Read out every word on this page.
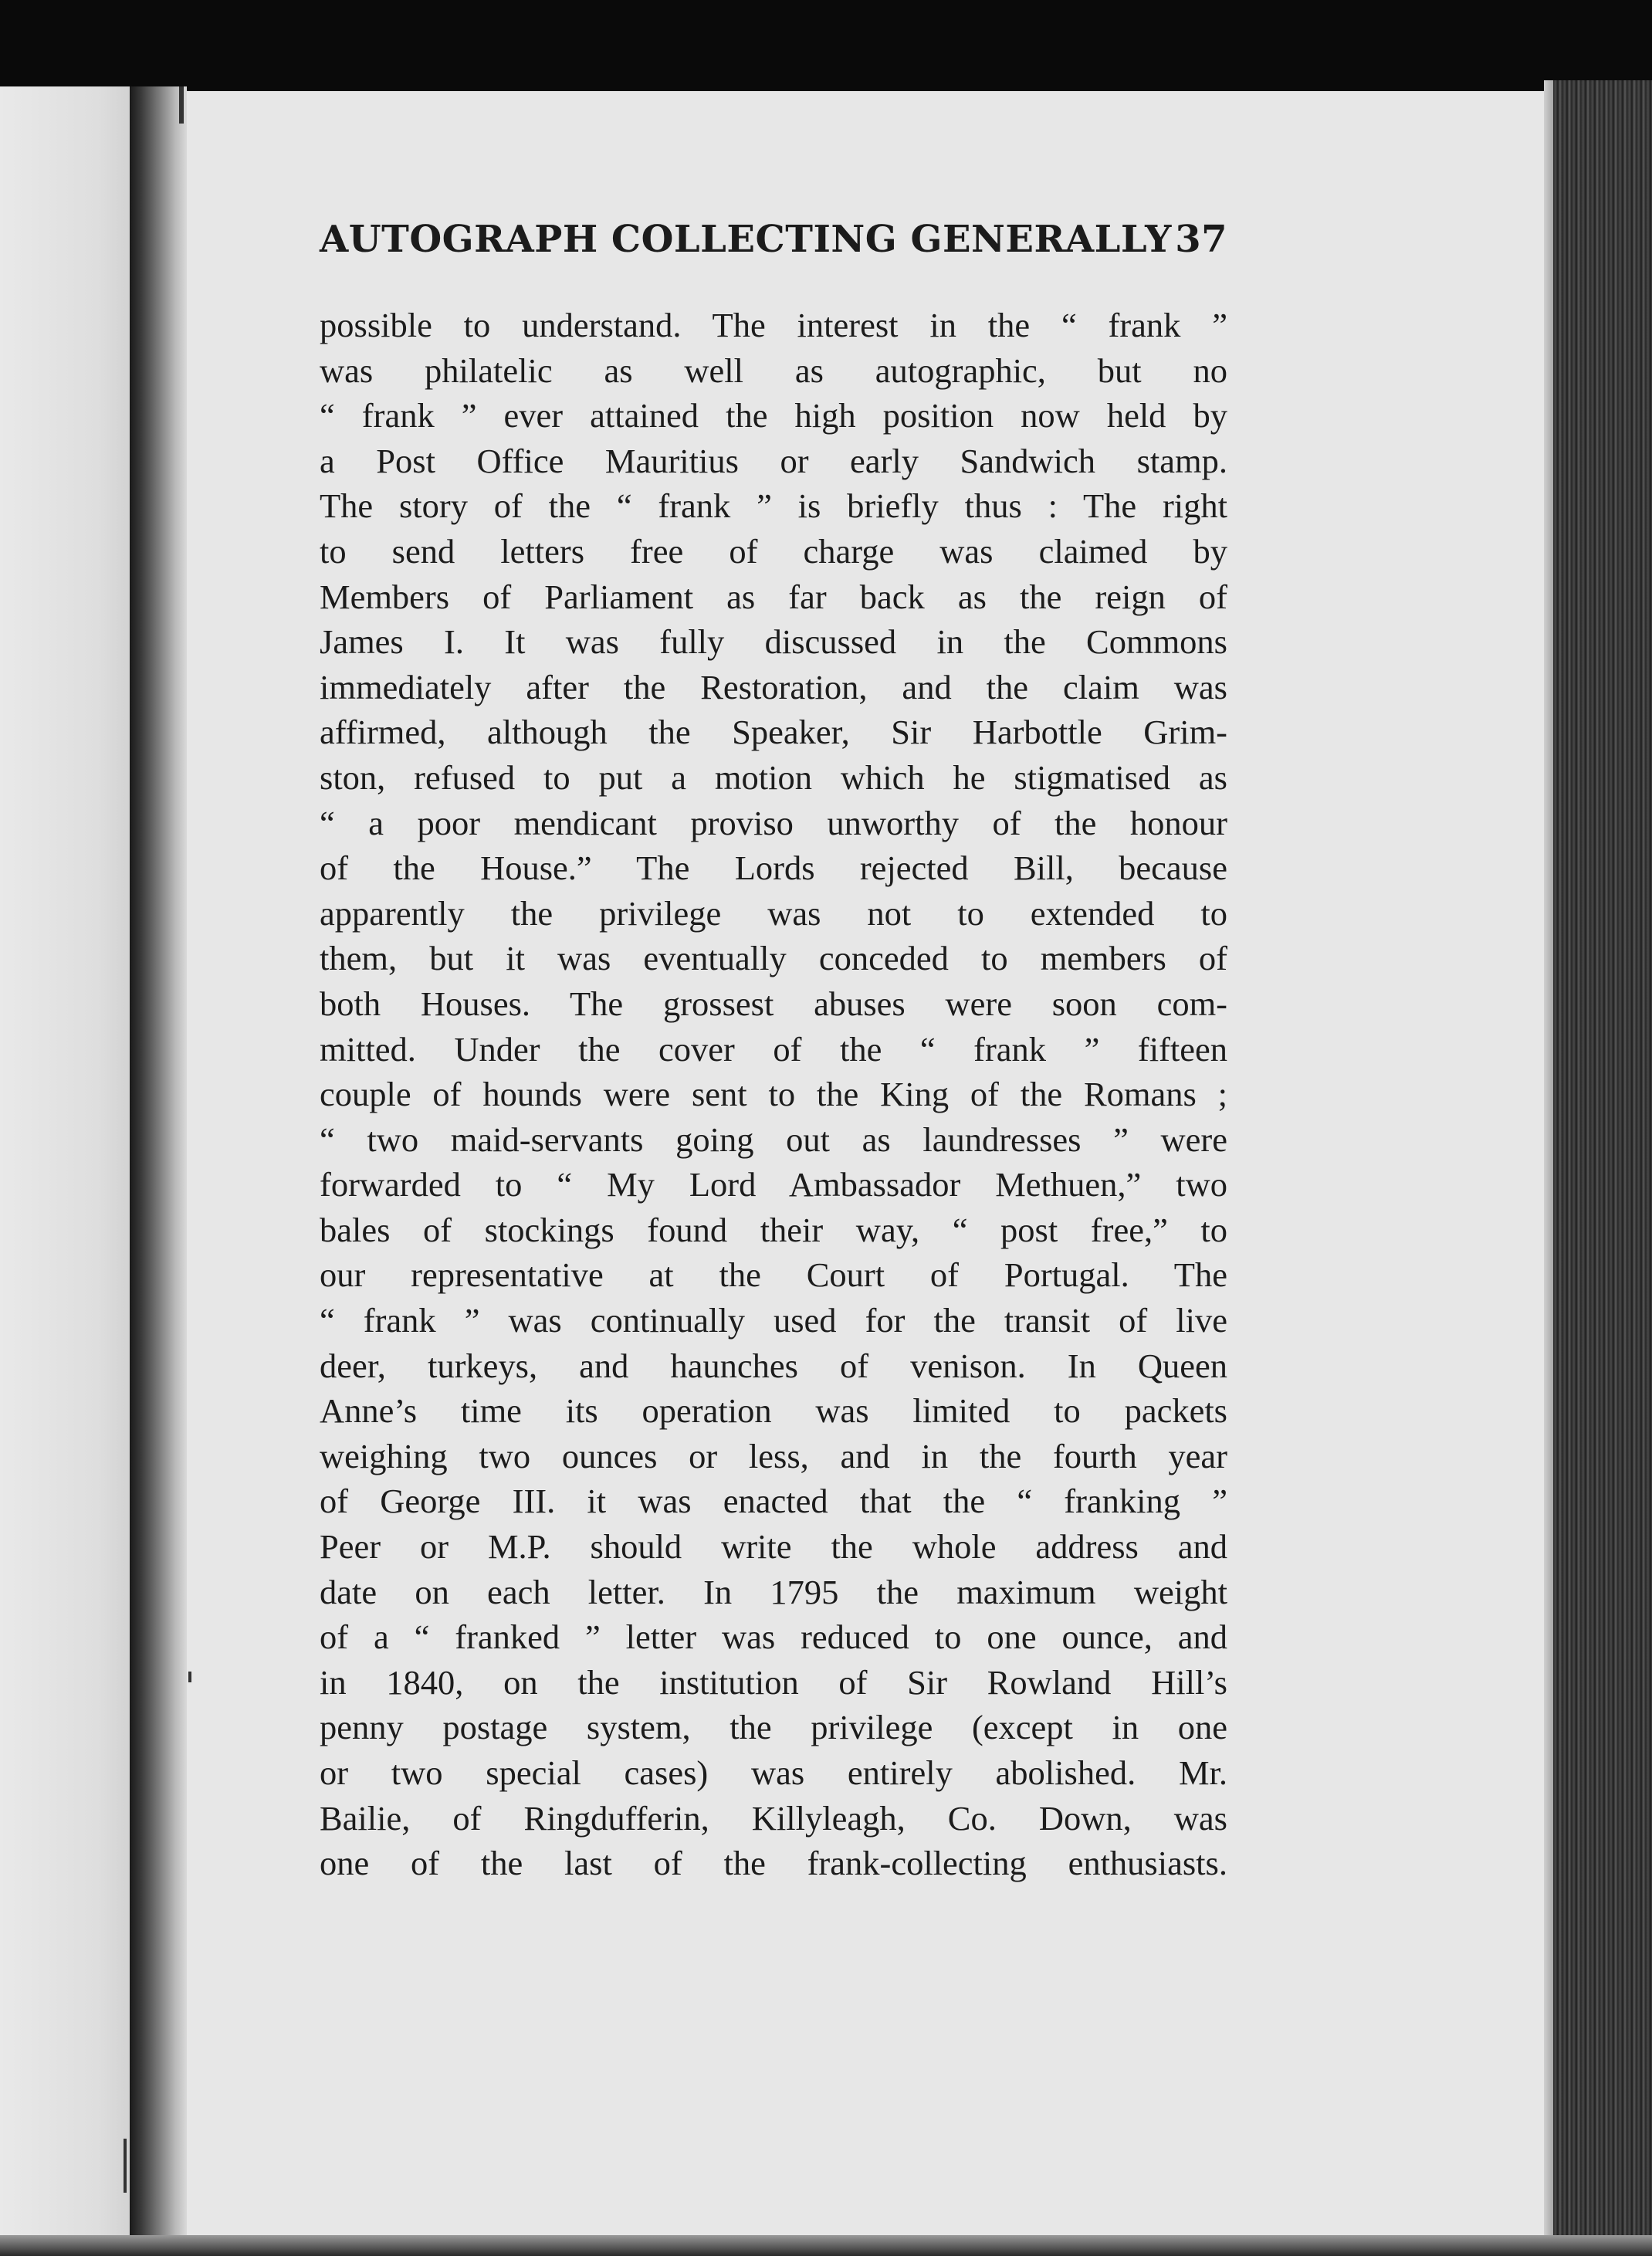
AUTOGRAPH COLLECTING GENERALLY 37
possible to understand. The interest in the “ frank ”
was philatelic as well as autographic, but no
“ frank ” ever attained the high position now held by
a Post Office Mauritius or early Sandwich stamp.
The story of the “ frank ” is briefly thus : The right
to send letters free of charge was claimed by
Members of Parliament as far back as the reign of
James I. It was fully discussed in the Commons
immediately after the Restoration, and the claim was
affirmed, although the Speaker, Sir Harbottle Grim-
ston, refused to put a motion which he stigmatised as
“ a poor mendicant proviso unworthy of the honour
of the House.” The Lords rejected Bill, because
apparently the privilege was not to extended to
them, but it was eventually conceded to members of
both Houses. The grossest abuses were soon com-
mitted. Under the cover of the “ frank ” fifteen
couple of hounds were sent to the King of the Romans ;
“ two maid-servants going out as laundresses ” were
forwarded to “ My Lord Ambassador Methuen,” two
bales of stockings found their way, “ post free,” to
our representative at the Court of Portugal. The
“ frank ” was continually used for the transit of live
deer, turkeys, and haunches of venison. In Queen
Anne’s time its operation was limited to packets
weighing two ounces or less, and in the fourth year
of George III. it was enacted that the “ franking ”
Peer or M.P. should write the whole address and
date on each letter. In 1795 the maximum weight
of a “ franked ” letter was reduced to one ounce, and
in 1840, on the institution of Sir Rowland Hill’s
penny postage system, the privilege (except in one
or two special cases) was entirely abolished. Mr.
Bailie, of Ringdufferin, Killyleagh, Co. Down, was
one of the last of the frank-collecting enthusiasts.
